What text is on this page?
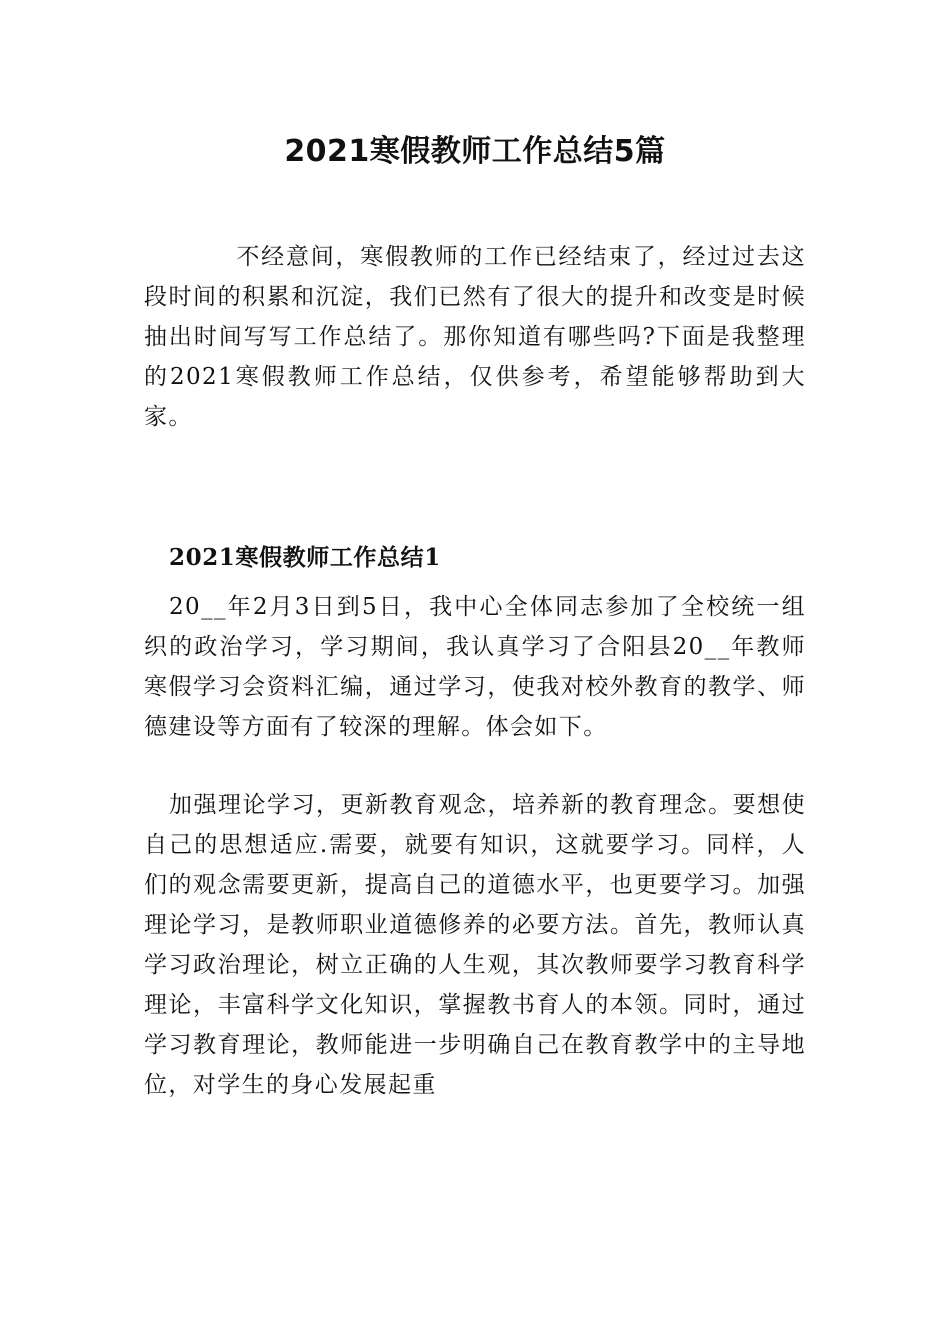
2021寒假教师工作总结5篇

不经意间，寒假教师的工作已经结束了，经过过去这段时间的积累和沉淀，我们已然有了很大的提升和改变是时候抽出时间写写工作总结了。那你知道有哪些吗?下面是我整理的2021寒假教师工作总结，仅供参考，希望能够帮助到大家。

2021寒假教师工作总结1

20__年2月3日到5日，我中心全体同志参加了全校统一组织的政治学习，学习期间，我认真学习了合阳县20__年教师寒假学习会资料汇编，通过学习，使我对校外教育的教学、师德建设等方面有了较深的理解。体会如下。

加强理论学习，更新教育观念，培养新的教育理念。要想使自己的思想适应.需要，就要有知识，这就要学习。同样，人们的观念需要更新，提高自己的道德水平，也更要学习。加强理论学习，是教师职业道德修养的必要方法。首先，教师认真学习政治理论，树立正确的人生观，其次教师要学习教育科学理论，丰富科学文化知识，掌握教书育人的本领。同时，通过学习教育理论，教师能进一步明确自己在教育教学中的主导地位，对学生的身心发展起重
